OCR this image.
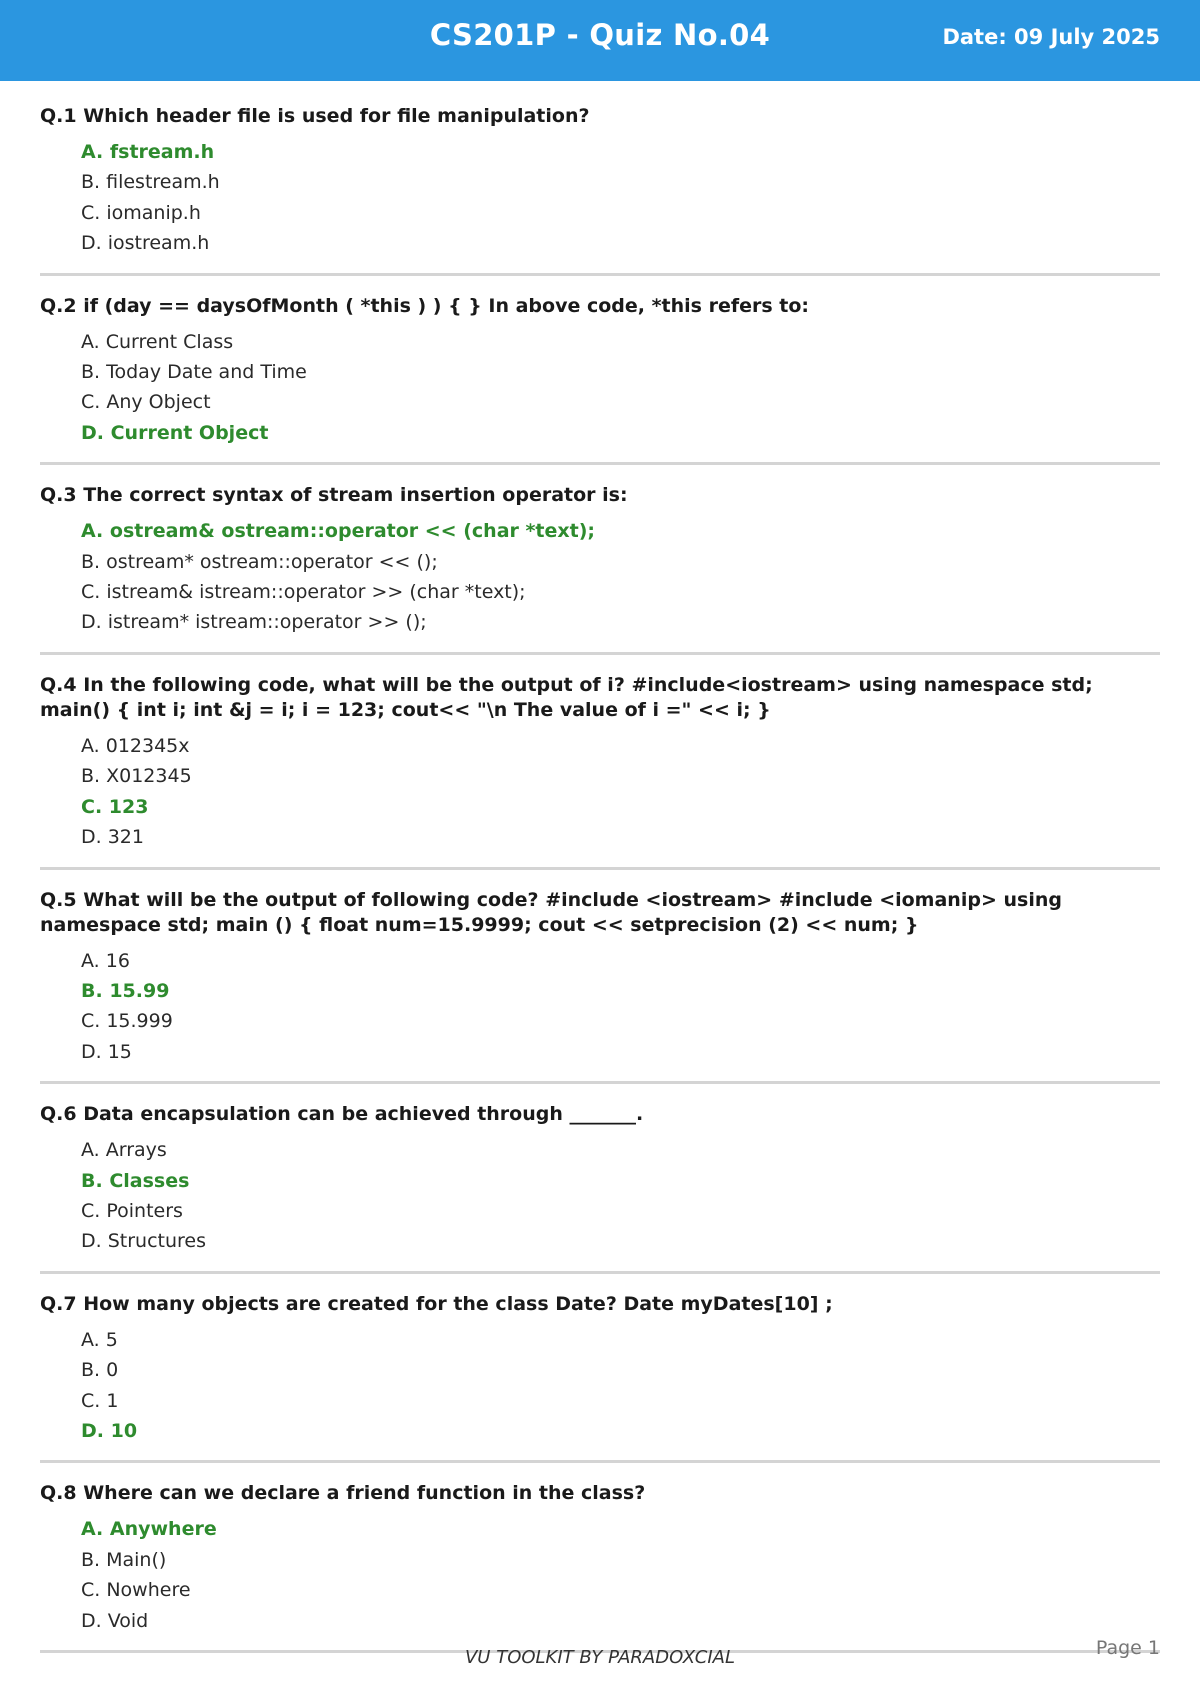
CS201P - Quiz No.04	Date: 09 July 2025
Q.1 Which header file is used for file manipulation?
A. fstream.h
B. filestream.h
C. iomanip.h
D. iostream.h
Q.2 if (day == daysOfMonth ( *this ) ) { } In above code, *this refers to:
A. Current Class
B. Today Date and Time
C. Any Object
D. Current Object
Q.3 The correct syntax of stream insertion operator is:
A. ostream& ostream::operator << (char *text);
B. ostream* ostream::operator << ();
C. istream& istream::operator >> (char *text);
D. istream* istream::operator >> ();
Q.4 In the following code, what will be the output of i? #include<iostream> using namespace std; main() { int i; int &j = i; i = 123; cout<< "\n The value of i =" << i; }
A. 012345x
B. X012345
C. 123
D. 321
Q.5 What will be the output of following code? #include <iostream> #include <iomanip> using namespace std; main () { float num=15.9999; cout << setprecision (2) << num; }
A. 16
B. 15.99
C. 15.999
D. 15
Q.6 Data encapsulation can be achieved through _______.
A. Arrays
B. Classes
C. Pointers
D. Structures
Q.7 How many objects are created for the class Date? Date myDates[10] ;
A. 5
B. 0
C. 1
D. 10
Q.8 Where can we declare a friend function in the class?
A. Anywhere
B. Main()
C. Nowhere
D. Void
VU TOOLKIT BY PARADOXCIAL	Page 1
